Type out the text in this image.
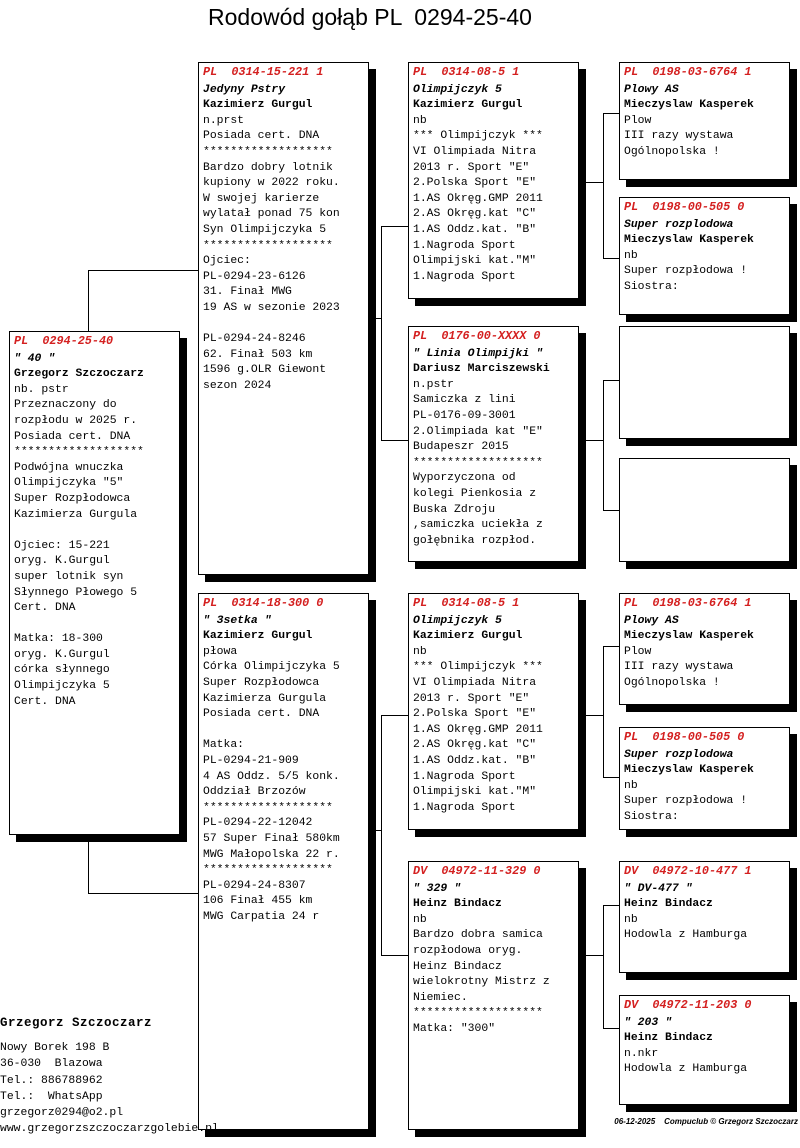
Rodowód gołąb PL  0294-25-40
PL  0294-25-40
" 40 "
Grzegorz Szczoczarz
nb. pstr
Przeznaczony do
rozpłodu w 2025 r.
Posiada cert. DNA
*******************
Podwójna wnuczka
Olimpijczyka "5"
Super Rozpłodowca
Kazimierza Gurgula
Ojciec: 15-221
oryg. K.Gurgul
super lotnik syn
Słynnego Płowego 5
Cert. DNA
Matka: 18-300
oryg. K.Gurgul
córka słynnego
Olimpijczyka 5
Cert. DNA
PL  0314-15-221 1
Jedyny Pstry
Kazimierz Gurgul
n.prst
Posiada cert. DNA
*******************
Bardzo dobry lotnik
kupiony w 2022 roku.
W swojej karierze
wylatał ponad 75 kon
Syn Olimpijczyka 5
*******************
Ojciec:
PL-0294-23-6126
31. Finał MWG
19 AS w sezonie 2023
PL-0294-24-8246
62. Finał 503 km
1596 g.OLR Giewont
sezon 2024
PL  0314-18-300 0
" 3setka "
Kazimierz Gurgul
płowa
Córka Olimpijczyka 5
Super Rozpłodowca
Kazimierza Gurgula
Posiada cert. DNA
Matka:
PL-0294-21-909
4 AS Oddz. 5/5 konk.
Oddział Brzozów
*******************
PL-0294-22-12042
57 Super Finał 580km
MWG Małopolska 22 r.
*******************
PL-0294-24-8307
106 Finał 455 km
MWG Carpatia 24 r
PL  0314-08-5 1
Olimpijczyk 5
Kazimierz Gurgul
nb
*** Olimpijczyk ***
VI Olimpiada Nitra
2013 r. Sport "E"
2.Polska Sport "E"
1.AS Okręg.GMP 2011
2.AS Okręg.kat "C"
1.AS Oddz.kat. "B"
1.Nagroda Sport
Olimpijski kat."M"
1.Nagroda Sport
PL  0176-00-XXXX 0
" Linia Olimpijki "
Dariusz Marciszewski
n.pstr
Samiczka z lini
PL-0176-09-3001
2.Olimpiada kat "E"
Budapeszr 2015
*******************
Wyporzyczona od
kolegi Pienkosia z
Buska Zdroju
,samiczka uciekła z
gołębnika rozpłod.
PL  0314-08-5 1
Olimpijczyk 5
Kazimierz Gurgul
nb
*** Olimpijczyk ***
VI Olimpiada Nitra
2013 r. Sport "E"
2.Polska Sport "E"
1.AS Okręg.GMP 2011
2.AS Okręg.kat "C"
1.AS Oddz.kat. "B"
1.Nagroda Sport
Olimpijski kat."M"
1.Nagroda Sport
DV  04972-11-329 0
" 329 "
Heinz Bindacz
nb
Bardzo dobra samica
rozpłodowa oryg.
Heinz Bindacz
wielokrotny Mistrz z
Niemiec.
*******************
Matka: "300"
PL  0198-03-6764 1
Plowy AS
Mieczyslaw Kasperek
Plow
III razy wystawa
Ogólnopolska !
PL  0198-00-505 0
Super rozplodowa
Mieczyslaw Kasperek
nb
Super rozpłodowa !
Siostra:
PL  0198-03-6764 1
Plowy AS
Mieczyslaw Kasperek
Plow
III razy wystawa
Ogólnopolska !
PL  0198-00-505 0
Super rozplodowa
Mieczyslaw Kasperek
nb
Super rozpłodowa !
Siostra:
DV  04972-10-477 1
" DV-477 "
Heinz Bindacz
nb
Hodowla z Hamburga
DV  04972-11-203 0
" 203 "
Heinz Bindacz
n.nkr
Hodowla z Hamburga
Grzegorz Szczoczarz
Nowy Borek 198 B
36-030  Blazowa
Tel.: 886788962
Tel.:  WhatsApp
grzegorz0294@o2.pl
www.grzegorzszczoczarzgolebie.pl
06-12-2025    Compuclub © Grzegorz Szczoczarz
